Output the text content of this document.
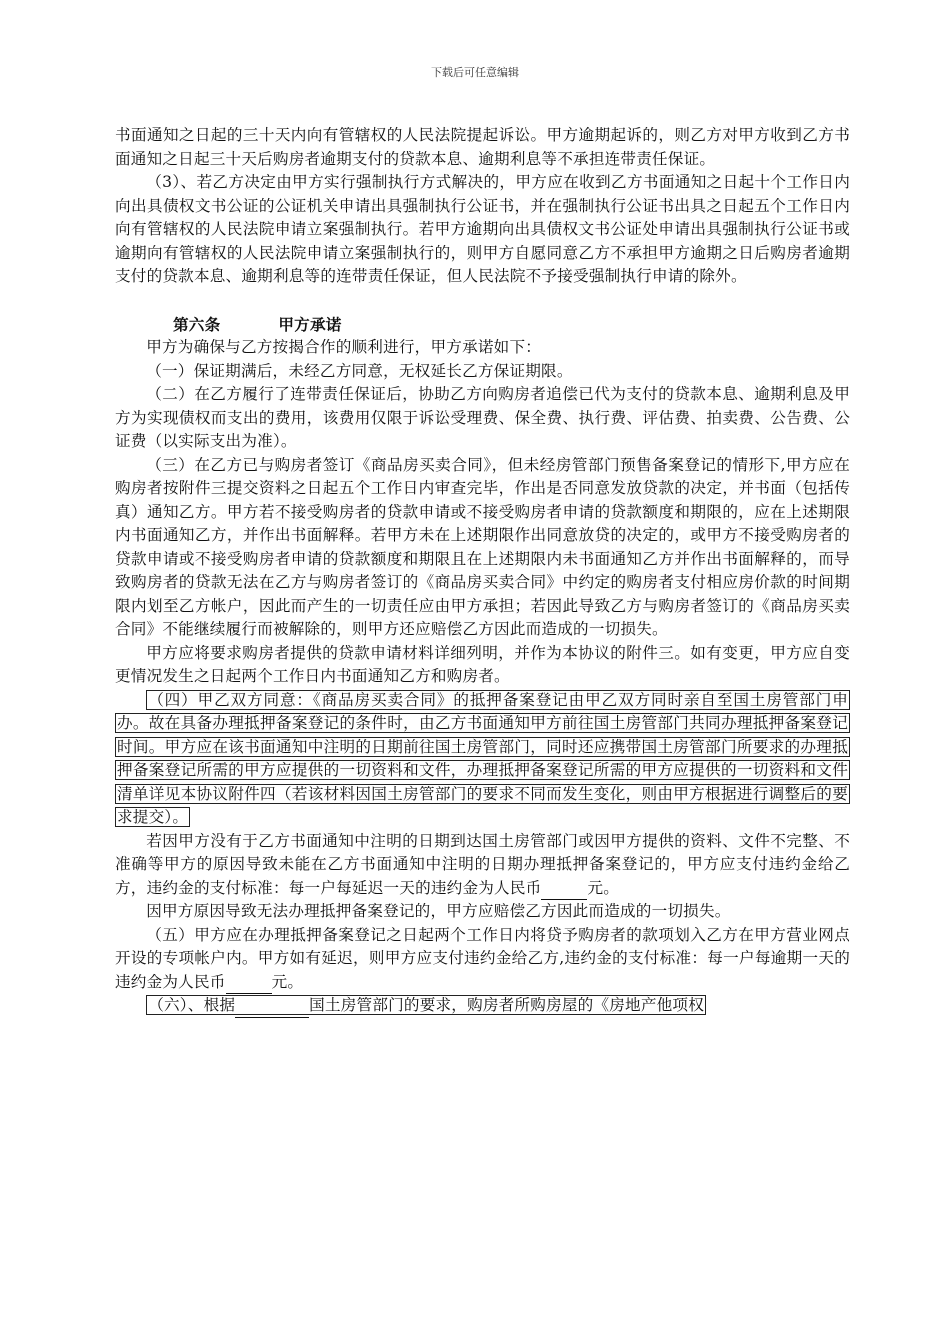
下载后可任意编辑

书面通知之日起的三十天内向有管辖权的人民法院提起诉讼。甲方逾期起诉的，则乙方对甲方收到乙方书面通知之日起三十天后购房者逾期支付的贷款本息、逾期利息等不承担连带责任保证。

（3）、若乙方决定由甲方实行强制执行方式解决的，甲方应在收到乙方书面通知之日起十个工作日内向出具债权文书公证的公证机关申请出具强制执行公证书，并在强制执行公证书出具之日起五个工作日内向有管辖权的人民法院申请立案强制执行。若甲方逾期向出具债权文书公证处申请出具强制执行公证书或逾期向有管辖权的人民法院申请立案强制执行的，则甲方自愿同意乙方不承担甲方逾期之日后购房者逾期支付的贷款本息、逾期利息等的连带责任保证，但人民法院不予接受强制执行申请的除外。

第六条	甲方承诺

甲方为确保与乙方按揭合作的顺利进行，甲方承诺如下：

（一）保证期满后，未经乙方同意，无权延长乙方保证期限。

（二）在乙方履行了连带责任保证后，协助乙方向购房者追偿已代为支付的贷款本息、逾期利息及甲方为实现债权而支出的费用，该费用仅限于诉讼受理费、保全费、执行费、评估费、拍卖费、公告费、公证费（以实际支出为准）。

（三）在乙方已与购房者签订《商品房买卖合同》，但未经房管部门预售备案登记的情形下,甲方应在购房者按附件三提交资料之日起五个工作日内审查完毕，作出是否同意发放贷款的决定，并书面（包括传真）通知乙方。甲方若不接受购房者的贷款申请或不接受购房者申请的贷款额度和期限的，应在上述期限内书面通知乙方，并作出书面解释。若甲方未在上述期限作出同意放贷的决定的，或甲方不接受购房者的贷款申请或不接受购房者申请的贷款额度和期限且在上述期限内未书面通知乙方并作出书面解释的，而导致购房者的贷款无法在乙方与购房者签订的《商品房买卖合同》中约定的购房者支付相应房价款的时间期限内划至乙方帐户，因此而产生的一切责任应由甲方承担；若因此导致乙方与购房者签订的《商品房买卖合同》不能继续履行而被解除的，则甲方还应赔偿乙方因此而造成的一切损失。

甲方应将要求购房者提供的贷款申请材料详细列明，并作为本协议的附件三。如有变更，甲方应自变更情况发生之日起两个工作日内书面通知乙方和购房者。

（四）甲乙双方同意：《商品房买卖合同》的抵押备案登记由甲乙双方同时亲自至国土房管部门申办。故在具备办理抵押备案登记的条件时，由乙方书面通知甲方前往国土房管部门共同办理抵押备案登记时间。甲方应在该书面通知中注明的日期前往国土房管部门，同时还应携带国土房管部门所要求的办理抵押备案登记所需的甲方应提供的一切资料和文件，办理抵押备案登记所需的甲方应提供的一切资料和文件清单详见本协议附件四（若该材料因国土房管部门的要求不同而发生变化，则由甲方根据进行调整后的要求提交）。

若因甲方没有于乙方书面通知中注明的日期到达国土房管部门或因甲方提供的资料、文件不完整、不准确等甲方的原因导致未能在乙方书面通知中注明的日期办理抵押备案登记的，甲方应支付违约金给乙方，违约金的支付标准：每一户每延迟一天的违约金为人民币	元。

因甲方原因导致无法办理抵押备案登记的，甲方应赔偿乙方因此而造成的一切损失。

（五）甲方应在办理抵押备案登记之日起两个工作日内将贷予购房者的款项划入乙方在甲方营业网点开设的专项帐户内。甲方如有延迟，则甲方应支付违约金给乙方,违约金的支付标准：每一户每逾期一天的违约金为人民币	元。

（六）、根据	国土房管部门的要求，购房者所购房屋的《房地产他项权
